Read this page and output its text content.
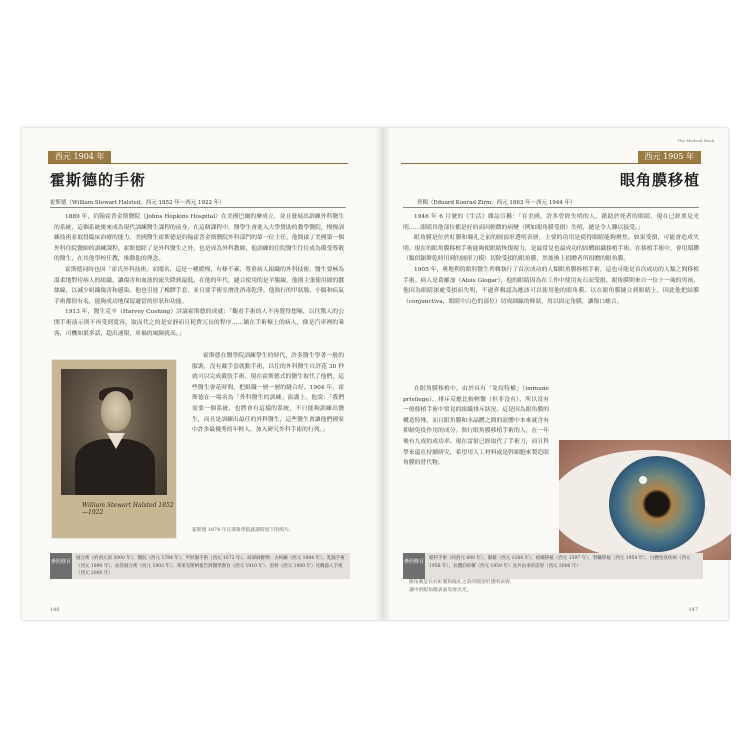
西元 1904 年
霍斯德的手術
霍斯德（William Stewart Halsted，西元 1852 年～西元 1922 年）

1889 年，約翰霍普金斯醫院（Johns Hopkins Hospital）在美國巴爾的摩成立，並且發展出訓練外科醫生的系統，這個系統後來成為現代訓練醫生課程的前身。在這個課程中，醫學生會進入大學贊助的教學醫院，慢慢訓練技術並取得臨床治療的能力。美國醫生霍斯德是約翰霍普金斯醫院外科部門的第一位主任，他開啟了美國第一個外科住院醫師的訓練課程。霍斯德除了是外科醫生之外，也是成為外科教師，他訓練的住院醫生往往成為備受尊敬的醫生，在其他學校任教，推動他的理念。

霍斯德同時也因「霍氏外科技術」而聞名，這是一種緩慢、有條不紊、尊重病人組織的外科技術，醫生要極為溫柔地對待病人的組織、讓傷害和血液的流失降到最低。在他的年代，縫合使用的是羊腸線，他則主張使用細的蠶絲線，以減少組織傷害和感染。他也引進了橡膠手套，並且要手術室潛洗消毒乾淨。他執行的甲狀腺、小腸和疝氣手術都很有名，能夠成功地保留適當的形狀和功能。

1913 年，醫生克辛（Harvey Cushing）評論霍斯德的成就：「觀看手術的人不再覺得想嘔，以往驚人的公開手術演示則不再受到寬容，取而代之的是安靜而且耗費冗長的程序……躺在手術檯上的病人，像是汽車裡的乘客，司機如果多話，超出速限，車禍的風險就高。」

William Stewart Halsted 1852—1922

霍斯德在醫學院訓練學生的時代，許多醫生學著一般的服裝，沒有戴手套就動手術，以往的外科醫生自許花 30 秒就可以完成截肢手術。現在霍斯德式的醫生取代了他們，這些醫生會花時間，把組織一層一層的縫合好。1904 年，霍斯德在一場名為「外科醫生的訓練」演講上，他說：「我們需要一個系統，也將會有這樣的系統，不只能夠訓練出醫生，而且是訓練出最佳的外科醫生，這些醫生會讓他們國家中許多最優秀的年輕人，加入研究外科手術的行列。」

霍斯德 1874 年在耶魯學院就讀時留下的照片。
參照條目
縫合術（約西元前 3000 年）、醫院（西元 1784 年）、甲狀腺手術（西元 1872 年）、局部麻醉劑：古柯鹼（西元 1884 年）、乳腺手術（西元 1890 年）、血管縫合術（西元 1902 年）、弗萊克斯納報告與醫學教育（西元 1910 年）、雷射（西元 1960 年）及機器人手術（西元 2000 年）
146
The Medical Book
西元 1905 年
眼角膜移植
齊輯（Eduard Konrad Zirm，西元 1863 年～西元 1944 年）

1946 年 6 月號的《生活》雜誌宣稱：「在美國，許多曾經失明的人，藉助於死者的眼睛，現在已經重見光明……眼睛其他部位都是好的而因輕微的病變（例如眼角膜受損）失明，總是令人難以接受。」

眼角膜是位於虹膜和瞳孔之前的圓頂形透明表層，主要的功用是使得眼睛能夠聚焦。如果受損，可能會造成失明。現在的眼角膜移植手術能夠使眼睛恢復視力，是最常見也最成功的固體組織移植手術。在移植手術中，會用環鑽（類似鋸餅乾時用到的圓形刀模）切除受損的眼角膜，然後換上捐贈者所捐贈的眼角膜。

1905 年，奧地利的眼科醫生齊輯執行了首次成功的人類眼角膜移植手術，這也可能是首次成功的人類之間移植手術。病人是葛羅加（Alois Glogar），他的眼睛因為在工作中使用灰石而受損。眼角膜則來自一位十一歲的男孩，他因為眼睛深處受損而失明，不過齊輯認為應該可以使用他的眼角膜。以在眼角膜縫合到眼睛上，因此他把結膜（conjunctiva，眼睛中白色的部位）切成細線的條狀，用以固定角膜，讓傷口癒合。

在眼角膜移植中，由於具有「免疫特權」（immune privilege），排斥反應比較輕微（但非沒有），所以沒有一般移植手術中常見的組織排斥狀況。這是因為眼角膜的構造特殊，而且眼角膜和水晶體之間的液體中本來就含有抑制免疫作用的成分。執行眼角膜移植手術的人，在一年後有九成的成功率。現在雷射已經取代了手術刀，而且科學家還在持續研究，希望用人工材料或是幹細胞來製造眼角膜的替代物。

眼角膜是位於虹膜和瞳孔之前的圓頂形透明表層，讓中的眼角膜表面反射出光。
參照條目
眼科手術（約西元 600 年）、眼鏡（西元 1284 年）、組織移植（西元 1597 年）、腎臟移植（西元 1954 年）、白體免疫疾病（西元 1956 年）、抗體的結構（西元 1959 年）及共由來的雷射（西元 2006 年）
147
